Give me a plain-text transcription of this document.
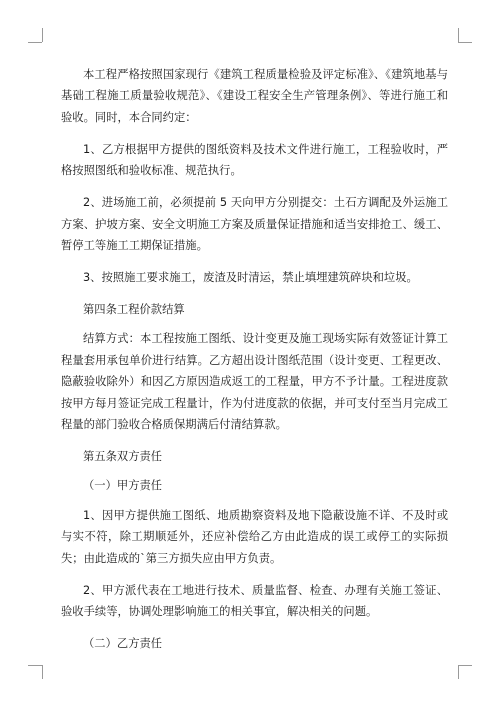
本工程严格按照国家现行《建筑工程质量检验及评定标准》、《建筑地基与基础工程施工质量验收规范》、《建设工程安全生产管理条例》、等进行施工和验收。同时，本合同约定：

1、乙方根据甲方提供的图纸资料及技术文件进行施工，工程验收时，严格按照图纸和验收标准、规范执行。

2、进场施工前，必须提前 5 天向甲方分别提交：土石方调配及外运施工方案、护坡方案、安全文明施工方案及质量保证措施和适当安排抢工、缓工、暂停工等施工工期保证措施。

3、按照施工要求施工，废渣及时清运，禁止填埋建筑碎块和垃圾。

第四条工程价款结算

结算方式：本工程按施工图纸、设计变更及施工现场实际有效签证计算工程量套用承包单价进行结算。乙方超出设计图纸范围（设计变更、工程更改、隐蔽验收除外）和因乙方原因造成返工的工程量，甲方不予计量。工程进度款按甲方每月签证完成工程量计，作为付进度款的依据，并可支付至当月完成工程量的部门验收合格质保期满后付清结算款。

第五条双方责任

（一）甲方责任

1、因甲方提供施工图纸、地质勘察资料及地下隐蔽设施不详、不及时或与实不符，除工期顺延外，还应补偿给乙方由此造成的误工或停工的实际损失；由此造成的`第三方损失应由甲方负责。

2、甲方派代表在工地进行技术、质量监督、检查、办理有关施工签证、验收手续等，协调处理影响施工的相关事宜，解决相关的问题。

（二）乙方责任
